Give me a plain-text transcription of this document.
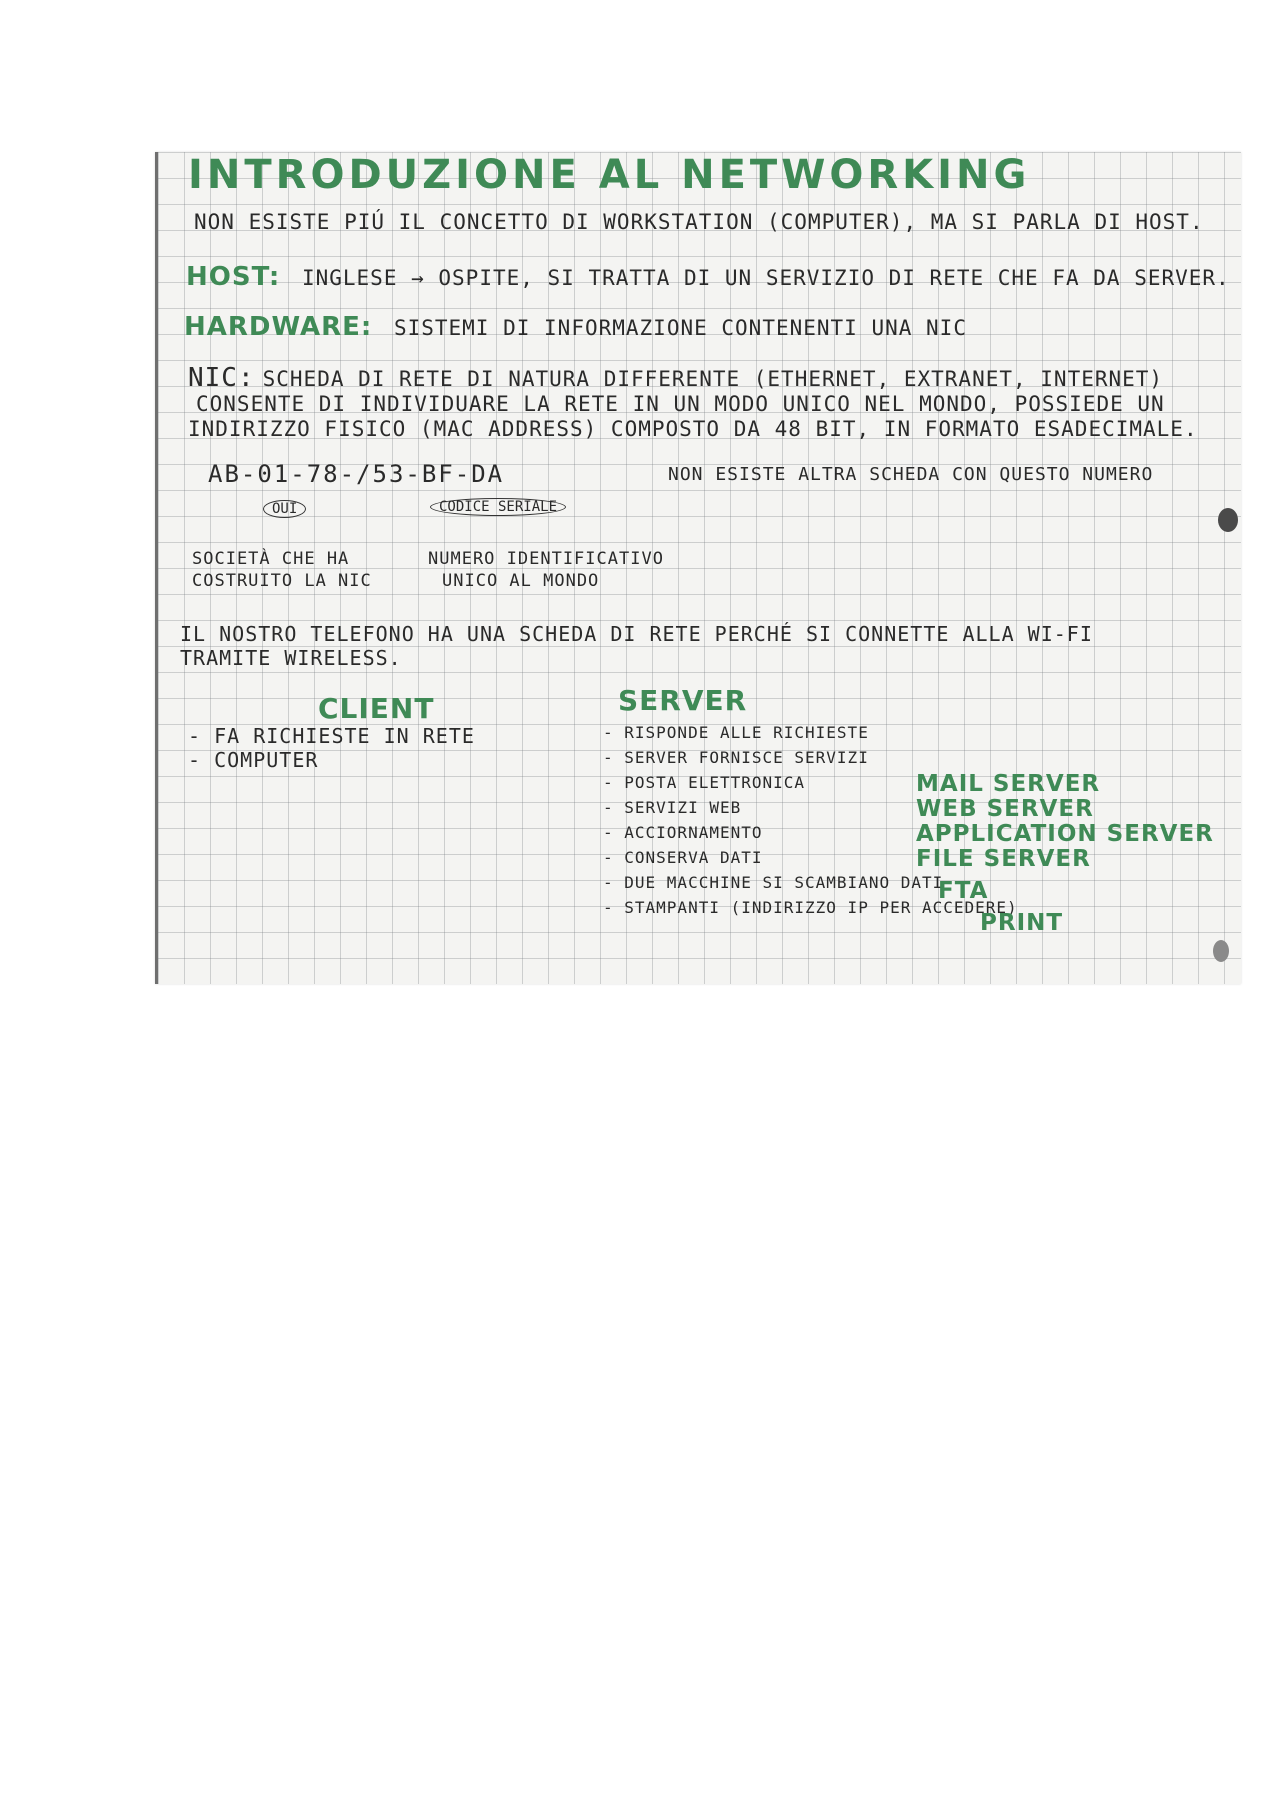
INTRODUZIONE AL NETWORKING
NON ESISTE PIÚ IL CONCETTO DI WORKSTATION (COMPUTER), MA SI PARLA DI HOST.
HOST: INGLESE → OSPITE, SI TRATTA DI UN SERVIZIO DI RETE CHE FA DA SERVER.
HARDWARE: SISTEMI DI INFORMAZIONE CONTENENTI UNA NIC
NIC: SCHEDA DI RETE DI NATURA DIFFERENTE (ETHERNET, EXTRANET, INTERNET)
CONSENTE DI INDIVIDUARE LA RETE IN UN MODO UNICO NEL MONDO, POSSIEDE UN
INDIRIZZO FISICO (MAC ADDRESS) COMPOSTO DA 48 BIT, IN FORMATO ESADECIMALE.
AB-01-78-/53-BF-DA	NON ESISTE ALTRA SCHEDA CON QUESTO NUMERO
OUI	CODICE SERIALE
SOCIETÀ CHE HA
COSTRUITO LA NIC
NUMERO IDENTIFICATIVO
UNICO AL MONDO
IL NOSTRO TELEFONO HA UNA SCHEDA DI RETE PERCHÉ SI CONNETTE ALLA WI-FI
TRAMITE WIRELESS.
CLIENT
- FA RICHIESTE IN RETE
- COMPUTER
SERVER
- RISPONDE ALLE RICHIESTE
- SERVER FORNISCE SERVIZI
- POSTA ELETTRONICA
- SERVIZI WEB
- ACCIORNAMENTO
- CONSERVA DATI
- DUE MACCHINE SI SCAMBIANO DATI
- STAMPANTI (INDIRIZZO IP PER ACCEDERE)
MAIL SERVER
WEB SERVER
APPLICATION SERVER
FILE SERVER
FTA
PRINT
